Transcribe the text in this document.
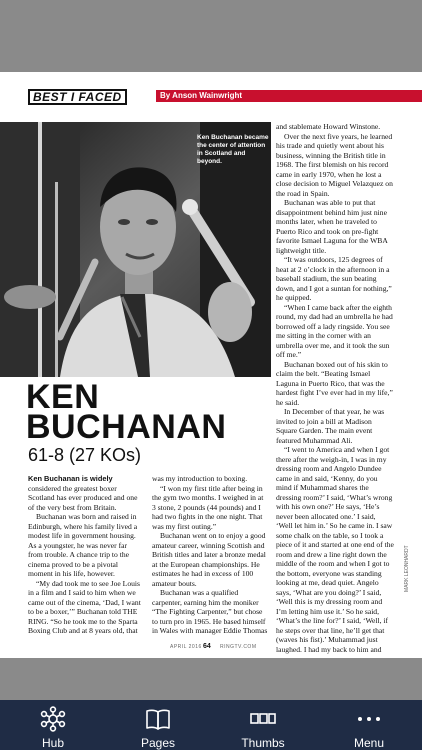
BEST I FACED	By Anson Wainwright
Ken Buchanan became the center of attention in Scotland and beyond.
KEN
BUCHANAN
61-8 (27 KOs)

Ken Buchanan is widely considered the greatest boxer Scotland has ever produced and one of the very best from Britain.

Buchanan was born and raised in Edinburgh, where his family lived a modest life in government housing. As a youngster, he was never far from trouble. A chance trip to the cinema proved to be a pivotal moment in his life, however.

“My dad took me to see Joe Louis in a film and I said to him when we came out of the cinema, ‘Dad, I want to be a boxer,’” Buchanan told THE RING. “So he took me to the Sparta Boxing Club and at 8 years old, that

was my introduction to boxing.

“I won my first title after being in the gym two months. I weighed in at 3 stone, 2 pounds (44 pounds) and I had two fights in the one night. That was my first outing.”

Buchanan went on to enjoy a good amateur career, winning Scottish and British titles and later a bronze medal at the European championships. He estimates he had in excess of 100 amateur bouts.

Buchanan was a qualified carpenter, earning him the moniker “The Fighting Carpenter,” but chose to turn pro in 1965. He based himself in Wales with manager Eddie Thomas

and stablemate Howard Winstone.

Over the next five years, he learned his trade and quietly went about his business, winning the British title in 1968. The first blemish on his record came in early 1970, when he lost a close decision to Miguel Velazquez on the road in Spain.

Buchanan was able to put that disappointment behind him just nine months later, when he traveled to Puerto Rico and took on pre-fight favorite Ismael Laguna for the WBA lightweight title.

“It was outdoors, 125 degrees of heat at 2 o’clock in the afternoon in a baseball stadium, the sun beating down, and I got a suntan for nothing,” he quipped.

“When I came back after the eighth round, my dad had an umbrella he had borrowed off a lady ringside. You see me sitting in the corner with an umbrella over me, and it took the sun off me.”

Buchanan boxed out of his skin to claim the belt. “Beating Ismael Laguna in Puerto Rico, that was the hardest fight I’ve ever had in my life,” he said.

In December of that year, he was invited to join a bill at Madison Square Garden. The main event featured Muhammad Ali.

“I went to America and when I got there after the weigh-in, I was in my dressing room and Angelo Dundee came in and said, ‘Kenny, do you mind if Muhammad shares the dressing room?’ I said, ‘What’s wrong with his own one?’ He says, ‘He’s never been allocated one.’ I said, ‘Well let him in.’ So he came in. I saw some chalk on the table, so I took a piece of it and started at one end of the room and drew a line right down the middle of the room and when I got to the bottom, everyone was standing looking at me, dead quiet. Angelo says, ‘What are you doing?’ I said, ‘Well this is my dressing room and I’m letting him use it.’ So he said, ‘What’s the line for?’ I said, ‘Well, if he steps over that line, he’ll get that (waves his fist).’ Muhammad just laughed. I had my back to him and

MARK LEONHARDT
APRIL 2016 64 RINGTV.COM
Hub	Pages	Thumbs	Menu
